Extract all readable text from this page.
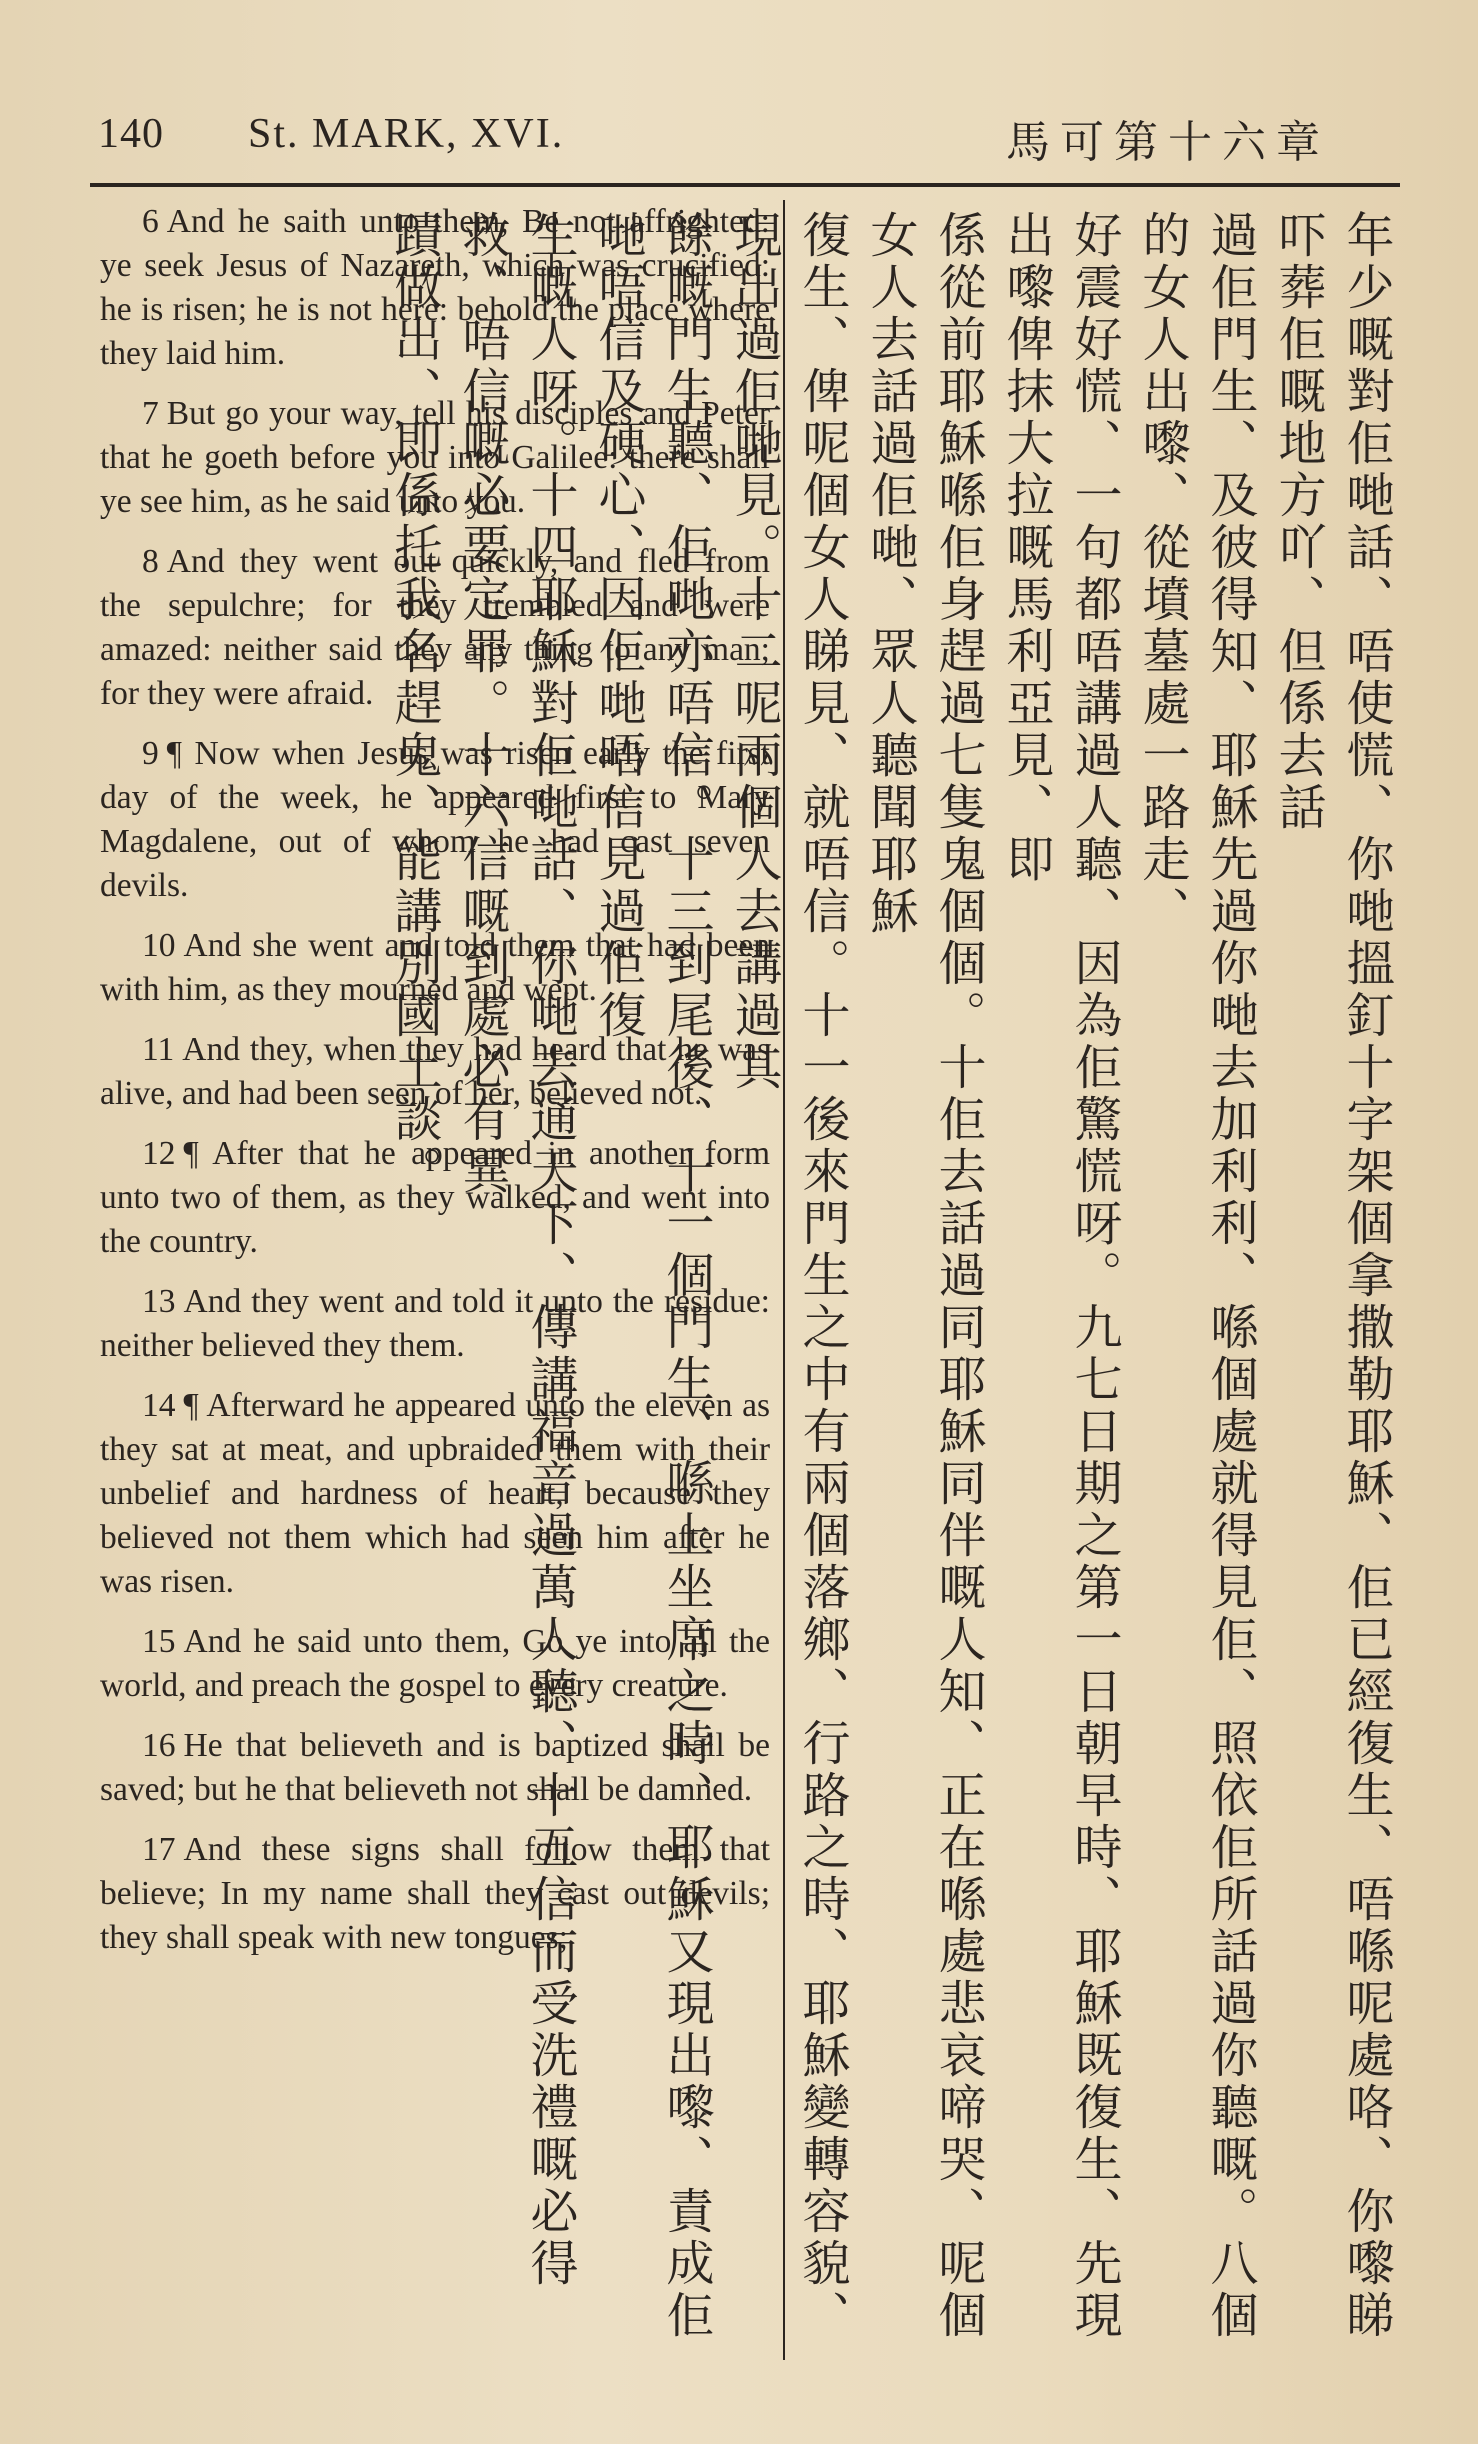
140 St. MARK, XVI.	馬可第十六章

6 And he saith unto them, Be not affrighted: ye seek Jesus of Nazareth, which was crucified: he is risen; he is not here: behold the place where they laid him.

7 But go your way, tell his disciples and Peter that he goeth before you into Galilee: there shall ye see him, as he said unto you.

8 And they went out quickly, and fled from the sepulchre; for they trembled and were amazed: neither said they any thing to any man; for they were afraid.

9 ¶ Now when Jesus was risen early the first day of the week, he appeared first to Mary Magdalene, out of whom he had cast seven devils.

10 And she went and told them that had been with him, as they mourned and wept.

11 And they, when they had heard that he was alive, and had been seen of her, believed not.

12 ¶ After that he appeared in another form unto two of them, as they walked, and went into the country.

13 And they went and told it unto the residue: neither believed they them.

14 ¶ Afterward he appeared unto the eleven as they sat at meat, and upbraided them with their unbelief and hardness of heart, because they believed not them which had seen him after he was risen.

15 And he said unto them, Go ye into all the world, and preach the gospel to every creature.

16 He that believeth and is baptized shall be saved; but he that believeth not shall be damned.

17 And these signs shall follow them that believe; In my name shall they cast out devils; they shall speak with new tongues;	年少嘅對佢哋話、唔使慌、你哋搵釘十字架個拿撒勒耶穌、佢已經復生、唔喺呢處咯、你嚟睇吓葬佢嘅地方吖、但係去話

過佢門生、及彼得知、耶穌先過你哋去加利利、喺個處就得見佢、照依佢所話過你聽嘅。八個的女人出嚟、從墳墓處一路走、

好震好慌、一句都唔講過人聽、因為佢驚慌呀。九七日期之第一日朝早時、耶穌既復生、先現出嚟俾抹大拉嘅馬利亞見、即

係從前耶穌喺佢身趕過七隻鬼個個。十佢去話過同耶穌同伴嘅人知、正在喺處悲哀啼哭、呢個女人去話過佢哋、眾人聽聞耶穌

復生、俾呢個女人睇見、就唔信。十一後來門生之中有兩個落鄉、行路之時、耶穌變轉容貌、現出過佢哋見。十二呢兩個人去講過其

餘嘅門生聽、佢哋亦唔信。十三到尾後、十一個門生、喺上坐席之時、耶穌又現出嚟、責成佢哋唔信及硬心、因佢哋唔信見過佢復

生嘅人呀。十四耶穌對佢哋話、你哋去通天下、傳講福音過萬人聽、十五信而受洗禮嘅必得救、唔信嘅必要定罪。十六信嘅到處必有異

蹟做出、即係托我名趕鬼、能講別國土談。
